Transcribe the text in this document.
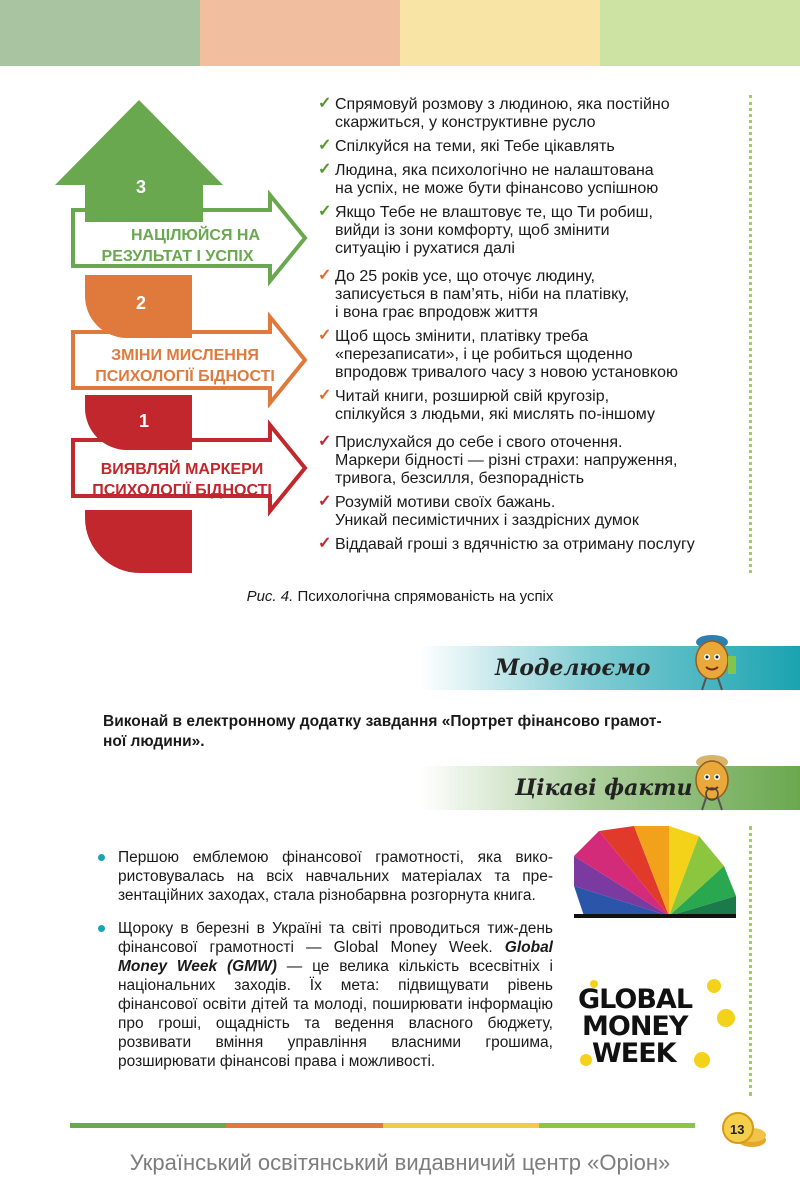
3
НАЦІЛЮЙСЯ НА
РЕЗУЛЬТАТ І УСПІХ
2
ЗМІНИ МИСЛЕННЯ
ПСИХОЛОГІЇ БІДНОСТІ
1
ВИЯВЛЯЙ МАРКЕРИ
ПСИХОЛОГІЇ БІДНОСТІ
✓ Спрямовуй розмову з людиною, яка постійно
скаржиться, у конструктивне русло
✓ Спілкуйся на теми, які Тебе цікавлять
✓ Людина, яка психологічно не налаштована
на успіх, не може бути фінансово успішною
✓ Якщо Тебе не влаштовує те, що Ти робиш,
вийди із зони комфорту, щоб змінити
ситуацію і рухатися далі
✓ До 25 років усе, що оточує людину,
записується в пам’ять, ніби на платівку,
і вона грає впродовж життя
✓ Щоб щось змінити, платівку треба
«перезаписати», і це робиться щоденно
впродовж тривалого часу з новою установкою
✓ Читай книги, розширюй свій кругозір,
спілкуйся з людьми, які мислять по-іншому
✓ Прислухайся до себе і свого оточення.
Маркери бідності — різні страхи: напруження,
тривога, безсилля, безпорадність
✓ Розумій мотиви своїх бажань.
Уникай песимістичних і заздрісних думок
✓ Віддавай гроші з вдячністю за отриману послугу
Рис. 4. Психологічна спрямованість на успіх
Моделюємо
Виконай в електронному додатку завдання «Портрет фінансово грамот-
ної людини».
Цікаві факти
Першою емблемою фінансової грамотності, яка вико-ристовувалась на всіх навчальних матеріалах та пре-зентаційних заходах, стала різнобарвна розгорнута книга.
Щороку в березні в Україні та світі проводиться тиж-день фінансової грамотності — Global Money Week. Global Money Week (GMW) — це велика кількість всесвітніх і національних заходів. Їх мета: підвищувати рівень фінансової освіти дітей та молоді, поширювати інформацію про гроші, ощадність та ведення власного бюджету, розвивати вміння управління власними грошима, розширювати фінансові права і можливості.
GLOBAL
MONEY
WEEK
13
Український освітянський видавничий центр «Оріон»
